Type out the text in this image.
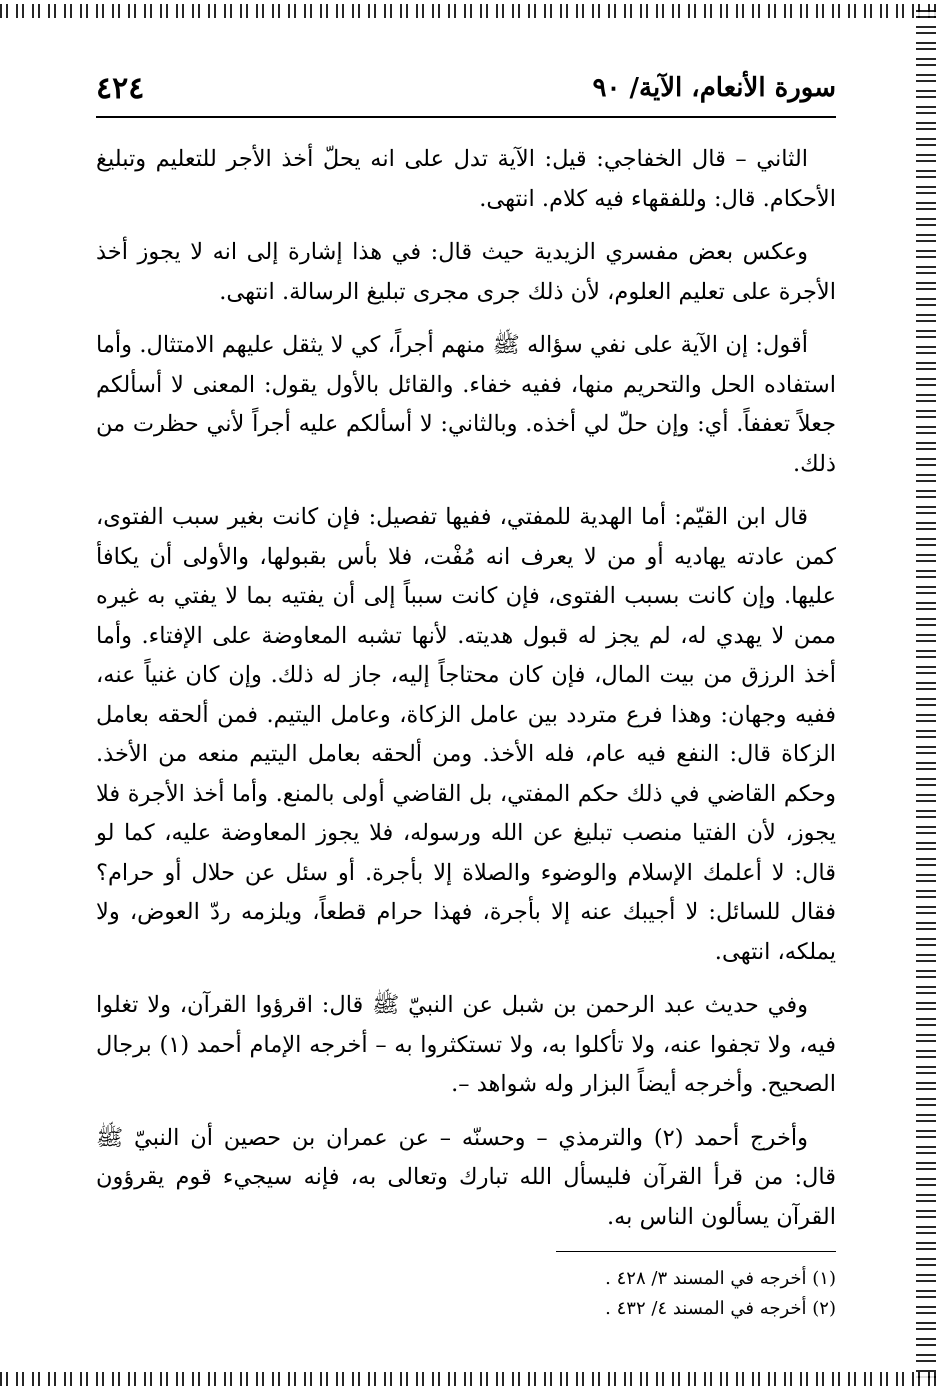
سورة الأنعام، الآية/ ٩٠
٤٢٤

الثاني – قال الخفاجي: قيل: الآية تدل على انه يحلّ أخذ الأجر للتعليم وتبليغ الأحكام. قال: وللفقهاء فيه كلام. انتهى.

وعكس بعض مفسري الزيدية حيث قال: في هذا إشارة إلى انه لا يجوز أخذ الأجرة على تعليم العلوم، لأن ذلك جرى مجرى تبليغ الرسالة. انتهى.

أقول: إن الآية على نفي سؤاله ﷺ منهم أجراً، كي لا يثقل عليهم الامتثال. وأما استفاده الحل والتحريم منها، ففيه خفاء. والقائل بالأول يقول: المعنى لا أسألكم جعلاً تعففاً. أي: وإن حلّ لي أخذه. وبالثاني: لا أسألكم عليه أجراً لأني حظرت من ذلك.

قال ابن القيّم: أما الهدية للمفتي، ففيها تفصيل: فإن كانت بغير سبب الفتوى، كمن عادته يهاديه أو من لا يعرف انه مُفْت، فلا بأس بقبولها، والأولى أن يكافأ عليها. وإن كانت بسبب الفتوى، فإن كانت سبباً إلى أن يفتيه بما لا يفتي به غيره ممن لا يهدي له، لم يجز له قبول هديته. لأنها تشبه المعاوضة على الإفتاء. وأما أخذ الرزق من بيت المال، فإن كان محتاجاً إليه، جاز له ذلك. وإن كان غنياً عنه، ففيه وجهان: وهذا فرع متردد بين عامل الزكاة، وعامل اليتيم. فمن ألحقه بعامل الزكاة قال: النفع فيه عام، فله الأخذ. ومن ألحقه بعامل اليتيم منعه من الأخذ. وحكم القاضي في ذلك حكم المفتي، بل القاضي أولى بالمنع. وأما أخذ الأجرة فلا يجوز، لأن الفتيا منصب تبليغ عن الله ورسوله، فلا يجوز المعاوضة عليه، كما لو قال: لا أعلمك الإسلام والوضوء والصلاة إلا بأجرة. أو سئل عن حلال أو حرام؟ فقال للسائل: لا أجيبك عنه إلا بأجرة، فهذا حرام قطعاً، ويلزمه ردّ العوض، ولا يملكه، انتهى.

وفي حديث عبد الرحمن بن شبل عن النبيّ ﷺ قال: اقرؤوا القرآن، ولا تغلوا فيه، ولا تجفوا عنه، ولا تأكلوا به، ولا تستكثروا به – أخرجه الإمام أحمد (١) برجال الصحيح. وأخرجه أيضاً البزار وله شواهد –.

وأخرج أحمد (٢) والترمذي – وحسنّه – عن عمران بن حصين أن النبيّ ﷺ قال: من قرأ القرآن فليسأل الله تبارك وتعالى به، فإنه سيجيء قوم يقرؤون القرآن يسألون الناس به.

(١) أخرجه في المسند ٣/ ٤٢٨ .
(٢) أخرجه في المسند ٤/ ٤٣٢ .
